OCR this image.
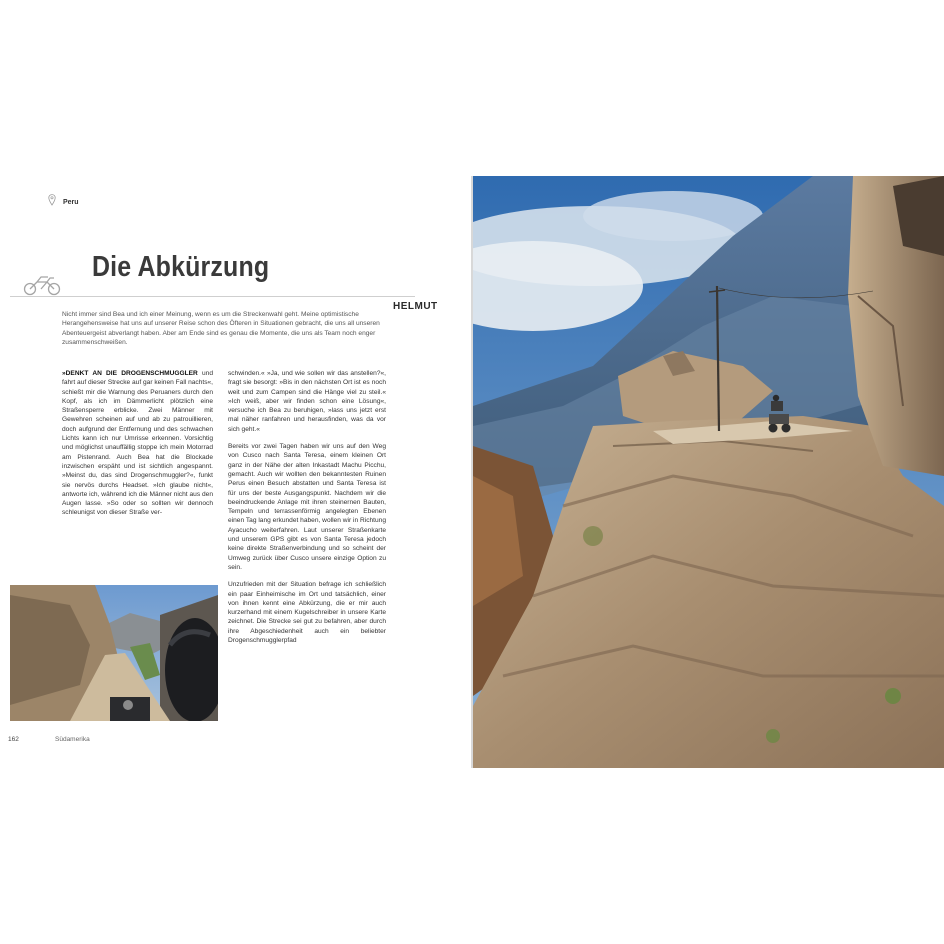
Peru
Die Abkürzung
HELMUT
Nicht immer sind Bea und ich einer Meinung, wenn es um die Streckenwahl geht. Meine optimistische Herangehensweise hat uns auf unserer Reise schon des Öfteren in Situationen gebracht, die uns all unseren Abenteuergeist abverlangt haben. Aber am Ende sind es genau die Momente, die uns als Team noch enger zusammenschweißen.

»DENKT AN DIE DROGENSCHMUGGLER und fahrt auf dieser Strecke auf gar keinen Fall nachts«, schießt mir die Warnung des Peruaners durch den Kopf, als ich im Dämmerlicht plötzlich eine Straßensperre erblicke. Zwei Männer mit Gewehren scheinen auf und ab zu patrouillieren, doch aufgrund der Entfernung und des schwachen Lichts kann ich nur Umrisse erkennen. Vorsichtig und möglichst unauffällig stoppe ich mein Motorrad am Pistenrand. Auch Bea hat die Blockade inzwischen erspäht und ist sichtlich angespannt. »Meinst du, das sind Drogenschmuggler?«, funkt sie nervös durchs Headset. »Ich glaube nicht«, antworte ich, während ich die Männer nicht aus den Augen lasse. »So oder so sollten wir dennoch schleunigst von dieser Straße ver-

schwinden.« »Ja, und wie sollen wir das anstellen?«, fragt sie besorgt: »Bis in den nächsten Ort ist es noch weit und zum Campen sind die Hänge viel zu steil.« »Ich weiß, aber wir finden schon eine Lösung«, versuche ich Bea zu beruhigen, »lass uns jetzt erst mal näher ranfahren und herausfinden, was da vor sich geht.«

Bereits vor zwei Tagen haben wir uns auf den Weg von Cusco nach Santa Teresa, einem kleinen Ort ganz in der Nähe der alten Inkastadt Machu Picchu, gemacht. Auch wir wollten den bekanntesten Ruinen Perus einen Besuch abstatten und Santa Teresa ist für uns der beste Ausgangspunkt. Nachdem wir die beeindruckende Anlage mit ihren steinernen Bauten, Tempeln und terrassenförmig angelegten Ebenen einen Tag lang erkundet haben, wollen wir in Richtung Ayacucho weiterfahren. Laut unserer Straßenkarte und unserem GPS gibt es von Santa Teresa jedoch keine direkte Straßenverbindung und so scheint der Umweg zurück über Cusco unsere einzige Option zu sein.

Unzufrieden mit der Situation befrage ich schließlich ein paar Einheimische im Ort und tatsächlich, einer von ihnen kennt eine Abkürzung, die er mir auch kurzerhand mit einem Kugelschreiber in unsere Karte zeichnet. Die Strecke sei gut zu befahren, aber durch ihre Abgeschiedenheit auch ein beliebter Drogenschmugglerpfad

162	Südamerika
